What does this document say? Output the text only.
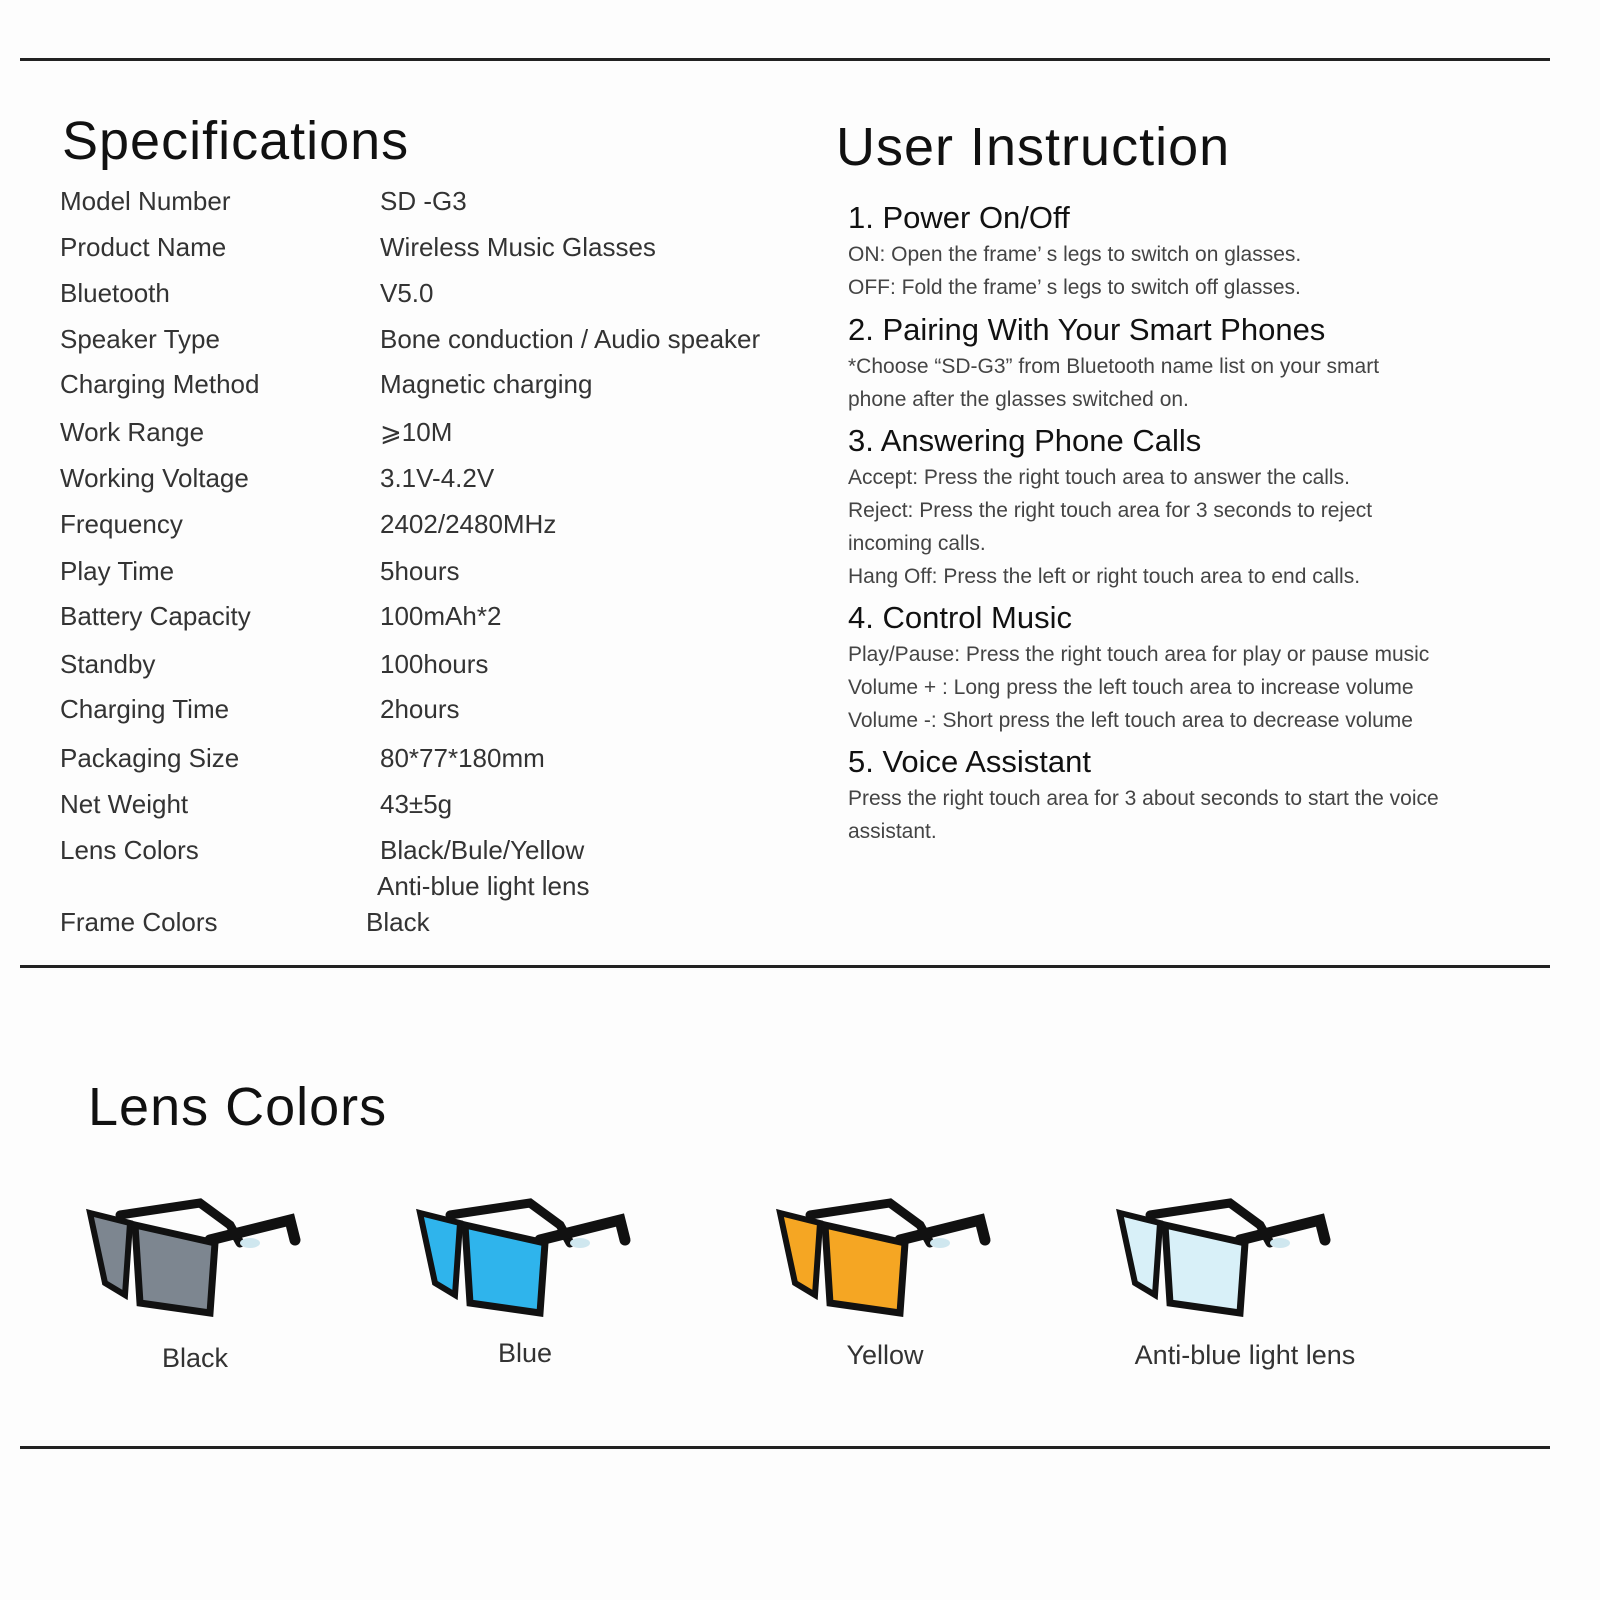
Specifications
Model Number	SD -G3
Product Name	Wireless Music Glasses
Bluetooth	V5.0
Speaker Type	Bone conduction / Audio speaker
Charging Method	Magnetic charging
Work Range	⩾10M
Working Voltage	3.1V-4.2V
Frequency	2402/2480MHz
Play Time	5hours
Battery Capacity	100mAh*2
Standby	100hours
Charging Time	2hours
Packaging Size	80*77*180mm
Net Weight	43±5g
Lens Colors	Black/Bule/Yellow
Anti-blue light lens
Frame Colors	Black
User Instruction
1. Power On/Off
ON: Open the frame’ s legs to switch on glasses.
OFF: Fold the frame’ s legs to switch off glasses.
2. Pairing With Your Smart Phones
*Choose “SD-G3” from Bluetooth name list on your smart
phone after the glasses switched on.
3. Answering Phone Calls
Accept: Press the right touch area to answer the calls.
Reject: Press the right touch area for 3 seconds to reject
incoming calls.
Hang Off: Press the left or right touch area to end calls.
4. Control Music
Play/Pause: Press the right touch area for play or pause music
Volume + : Long press the left touch area to increase volume
Volume -: Short press the left touch area to decrease volume
5. Voice Assistant
Press the right touch area for 3 about seconds to start the voice
assistant.
Lens Colors
Black	Blue	Yellow	Anti-blue light lens
